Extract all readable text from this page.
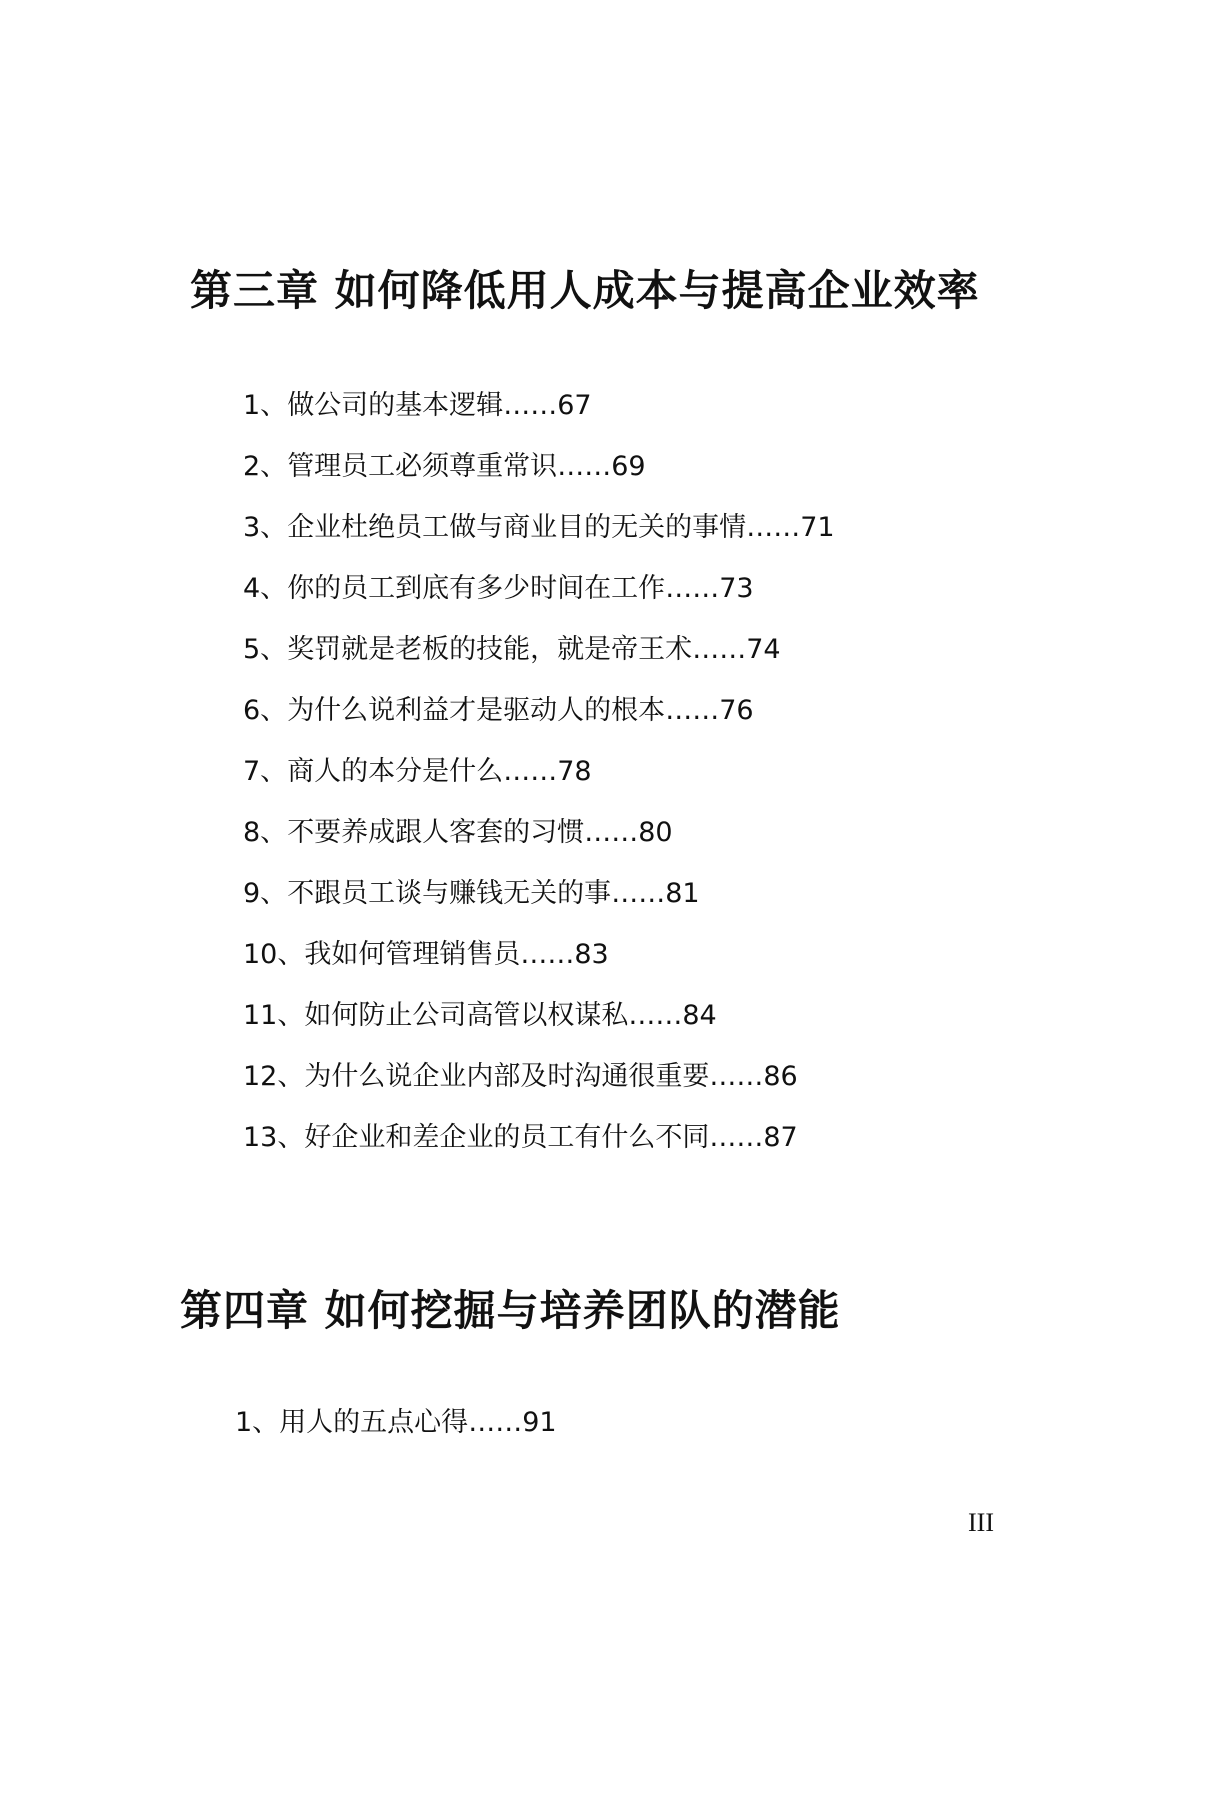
第三章 如何降低用人成本与提高企业效率
1、做公司的基本逻辑……67
2、管理员工必须尊重常识……69
3、企业杜绝员工做与商业目的无关的事情……71
4、你的员工到底有多少时间在工作……73
5、奖罚就是老板的技能，就是帝王术……74
6、为什么说利益才是驱动人的根本……76
7、商人的本分是什么……78
8、不要养成跟人客套的习惯……80
9、不跟员工谈与赚钱无关的事……81
10、我如何管理销售员……83
11、如何防止公司高管以权谋私……84
12、为什么说企业内部及时沟通很重要……86
13、好企业和差企业的员工有什么不同……87
第四章 如何挖掘与培养团队的潜能
1、用人的五点心得……91
III
